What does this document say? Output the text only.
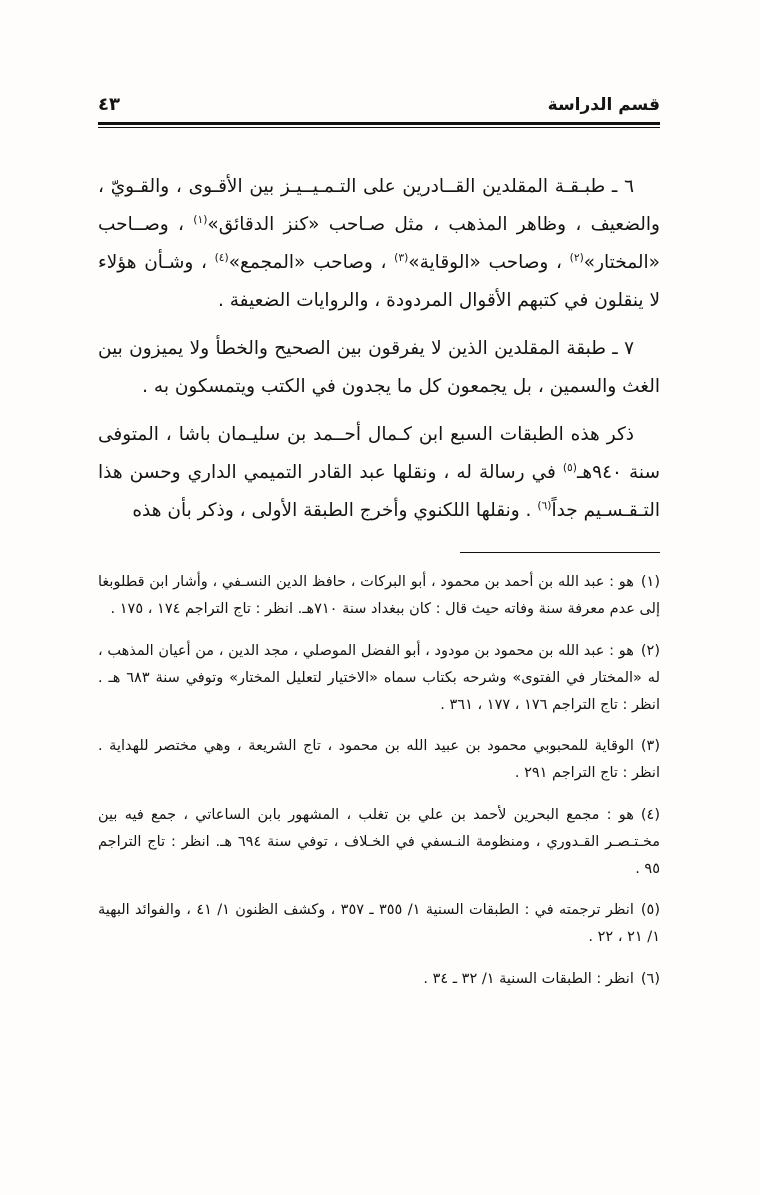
قسم الدراسة
٤٣

٦ ـ طبـقـة المقلدين القــادرين على التـمـيــيـز بين الأقـوى ، والقـويّ ، والضعيف ، وظاهر المذهب ، مثل صـاحب «كنز الدقائق»$^{(١)}$ ، وصــاحب «المختار»$^{(٢)}$ ، وصاحب «الوقاية»$^{(٣)}$ ، وصاحب «المجمع»$^{(٤)}$ ، وشـأن هؤلاء لا ينقلون في كتبهم الأقوال المردودة ، والروايات الضعيفة .

٧ ـ طبقة المقلدين الذين لا يفرقون بين الصحيح والخطأ ولا يميزون بين الغث والسمين ، بل يجمعون كل ما يجدون في الكتب ويتمسكون به .

ذكر هذه الطبقات السبع ابن كـمال أحــمد بن سليـمان باشا ، المتوفى سنة ٩٤٠هـ$^{(٥)}$ في رسالة له ، ونقلها عبد القادر التميمي الداري وحسن هذا التـقـسـيم جداً$^{(٦)}$ . ونقلها اللكنوي وأخرج الطبقة الأولى ، وذكر بأن هذه

(١)هو : عبد الله بن أحمد بن محمود ، أبو البركات ، حافظ الدين النسـفي ، وأشار ابن قطلوبغا إلى عدم معرفة سنة وفاته حيث قال : كان ببغداد سنة ٧١٠هـ. انظر : تاج التراجم ١٧٤ ، ١٧٥ .

(٢)هو : عبد الله بن محمود بن مودود ، أبو الفضل الموصلي ، مجد الدين ، من أعيان المذهب ، له «المختار في الفتوى» وشرحه بكتاب سماه «الاختيار لتعليل المختار» وتوفي سنة ٦٨٣ هـ . انظر : تاج التراجم ١٧٦ ، ١٧٧ ، ٣٦١ .

(٣)الوقاية للمحبوبي محمود بن عبيد الله بن محمود ، تاج الشريعة ، وهي مختصر للهداية . انظر : تاج التراجم ٢٩١ .

(٤)هو : مجمع البحرين لأحمد بن علي بن تغلب ، المشهور بابن الساعاتي ، جمع فيه بين مخـتـصـر القـدوري ، ومنظومة النـسفي في الخـلاف ، توفي سنة ٦٩٤ هـ. انظر : تاج التراجم ٩٥ .

(٥)انظر ترجمته في : الطبقات السنية ١/ ٣٥٥ ـ ٣٥٧ ، وكشف الظنون ١/ ٤١ ، والفوائد البهية ١/ ٢١ ، ٢٢ .

(٦)انظر : الطبقات السنية ١/ ٣٢ ـ ٣٤ .
